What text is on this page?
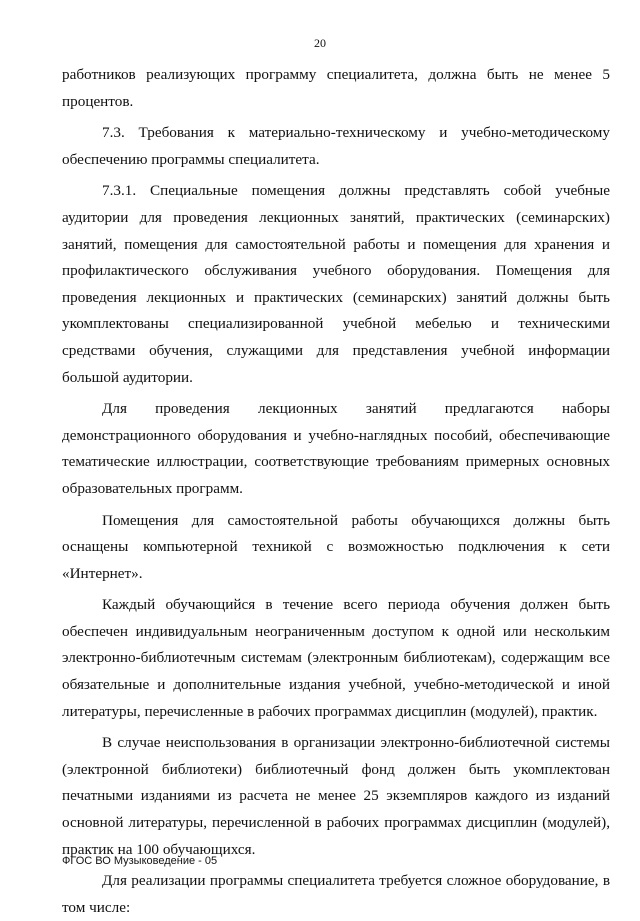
20

работников реализующих программу специалитета, должна быть не менее 5 процентов.

7.3. Требования к материально-техническому и учебно-методическому обеспечению программы специалитета.

7.3.1. Специальные помещения должны представлять собой учебные аудитории для проведения лекционных занятий, практических (семинарских) занятий, помещения для самостоятельной работы и помещения для хранения и профилактического обслуживания учебного оборудования. Помещения для проведения лекционных и практических (семинарских) занятий должны быть укомплектованы специализированной учебной мебелью и техническими средствами обучения, служащими для представления учебной информации большой аудитории.

Для проведения лекционных занятий предлагаются наборы демонстрационного оборудования и учебно-наглядных пособий, обеспечивающие тематические иллюстрации, соответствующие требованиям примерных основных образовательных программ.

Помещения для самостоятельной работы обучающихся должны быть оснащены компьютерной техникой с возможностью подключения к сети «Интернет».

Каждый обучающийся в течение всего периода обучения должен быть обеспечен индивидуальным неограниченным доступом к одной или нескольким электронно-библиотечным системам (электронным библиотекам), содержащим все обязательные и дополнительные издания учебной, учебно-методической и иной литературы, перечисленные в рабочих программах дисциплин (модулей), практик.

В случае неиспользования в организации электронно-библиотечной системы (электронной библиотеки) библиотечный фонд должен быть укомплектован печатными изданиями из расчета не менее 25 экземпляров каждого из изданий основной литературы, перечисленной в рабочих программах дисциплин (модулей), практик на 100 обучающихся.

Для реализации программы специалитета требуется сложное оборудование, в том числе:

ФГОС ВО Музыковедение - 05
